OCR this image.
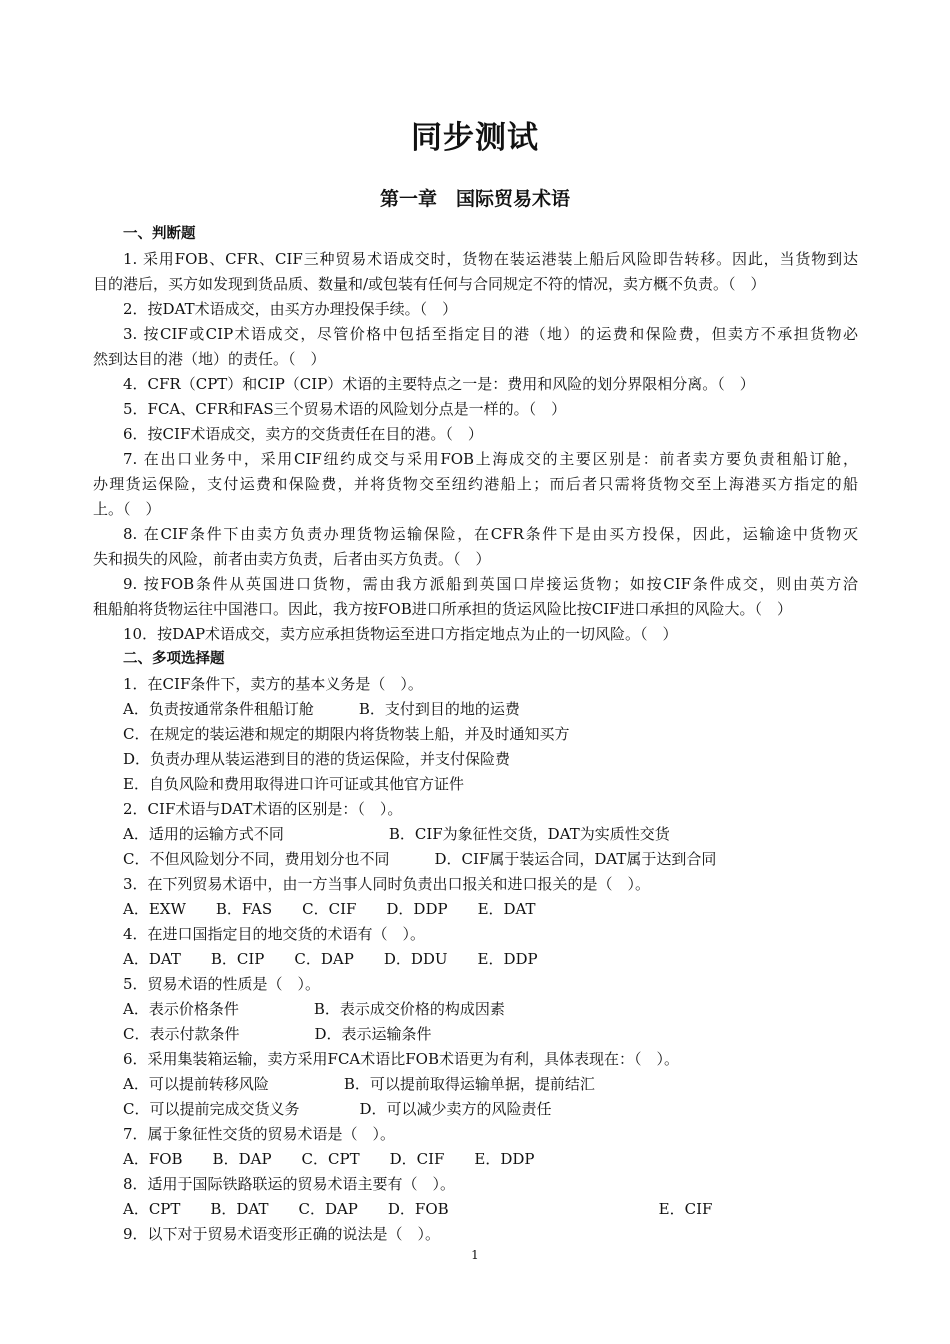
同步测试
第一章　国际贸易术语
一、判断题
1. 采用FOB、CFR、CIF三种贸易术语成交时，货物在装运港装上船后风险即告转移。因此，当货物到达
目的港后，买方如发现到货品质、数量和/或包装有任何与合同规定不符的情况，卖方概不负责。（　）
2．按DAT术语成交，由买方办理投保手续。（　）
3. 按CIF或CIP术语成交，尽管价格中包括至指定目的港（地）的运费和保险费，但卖方不承担货物必
然到达目的港（地）的责任。（　）
4．CFR（CPT）和CIP（CIP）术语的主要特点之一是：费用和风险的划分界限相分离。（　）
5．FCA、CFR和FAS三个贸易术语的风险划分点是一样的。（　）
6．按CIF术语成交，卖方的交货责任在目的港。（　）
7. 在出口业务中，采用CIF纽约成交与采用FOB上海成交的主要区别是：前者卖方要负责租船订舱，
办理货运保险，支付运费和保险费，并将货物交至纽约港船上；而后者只需将货物交至上海港买方指定的船
上。（　）
8. 在CIF条件下由卖方负责办理货物运输保险，在CFR条件下是由买方投保，因此，运输途中货物灭
失和损失的风险，前者由卖方负责，后者由买方负责。（　）
9. 按FOB条件从英国进口货物，需由我方派船到英国口岸接运货物；如按CIF条件成交，则由英方洽
租船舶将货物运往中国港口。因此，我方按FOB进口所承担的货运风险比按CIF进口承担的风险大。（　）
10．按DAP术语成交，卖方应承担货物运至进口方指定地点为止的一切风险。（　）
二、多项选择题
1．在CIF条件下，卖方的基本义务是（　）。
A．负责按通常条件租船订舱　　　B．支付到目的地的运费
C．在规定的装运港和规定的期限内将货物装上船，并及时通知买方
D．负责办理从装运港到目的港的货运保险，并支付保险费
E．自负风险和费用取得进口许可证或其他官方证件
2．CIF术语与DAT术语的区别是：（　）。
A．适用的运输方式不同　　　　　　　B．CIF为象征性交货，DAT为实质性交货
C．不但风险划分不同，费用划分也不同　　　D．CIF属于装运合同，DAT属于达到合同
3．在下列贸易术语中，由一方当事人同时负责出口报关和进口报关的是（　）。
A．EXW　　B．FAS　　C．CIF　　D．DDP　　E．DAT
4．在进口国指定目的地交货的术语有（　）。
A．DAT　　B．CIP　　C．DAP　　D．DDU　　E．DDP
5．贸易术语的性质是（　）。
A．表示价格条件　　　　　B．表示成交价格的构成因素
C．表示付款条件　　　　　D．表示运输条件
6．采用集装箱运输，卖方采用FCA术语比FOB术语更为有利，具体表现在：（　）。
A．可以提前转移风险　　　　　B．可以提前取得运输单据，提前结汇
C．可以提前完成交货义务　　　　D．可以减少卖方的风险责任
7．属于象征性交货的贸易术语是（　）。
A．FOB　　B．DAP　　C．CPT　　D．CIF　　E．DDP
8．适用于国际铁路联运的贸易术语主要有（　）。
A．CPT　　B．DAT　　C．DAP　　D．FOB　　　　　　　　　　　　　　E．CIF
9．以下对于贸易术语变形正确的说法是（　）。
1
